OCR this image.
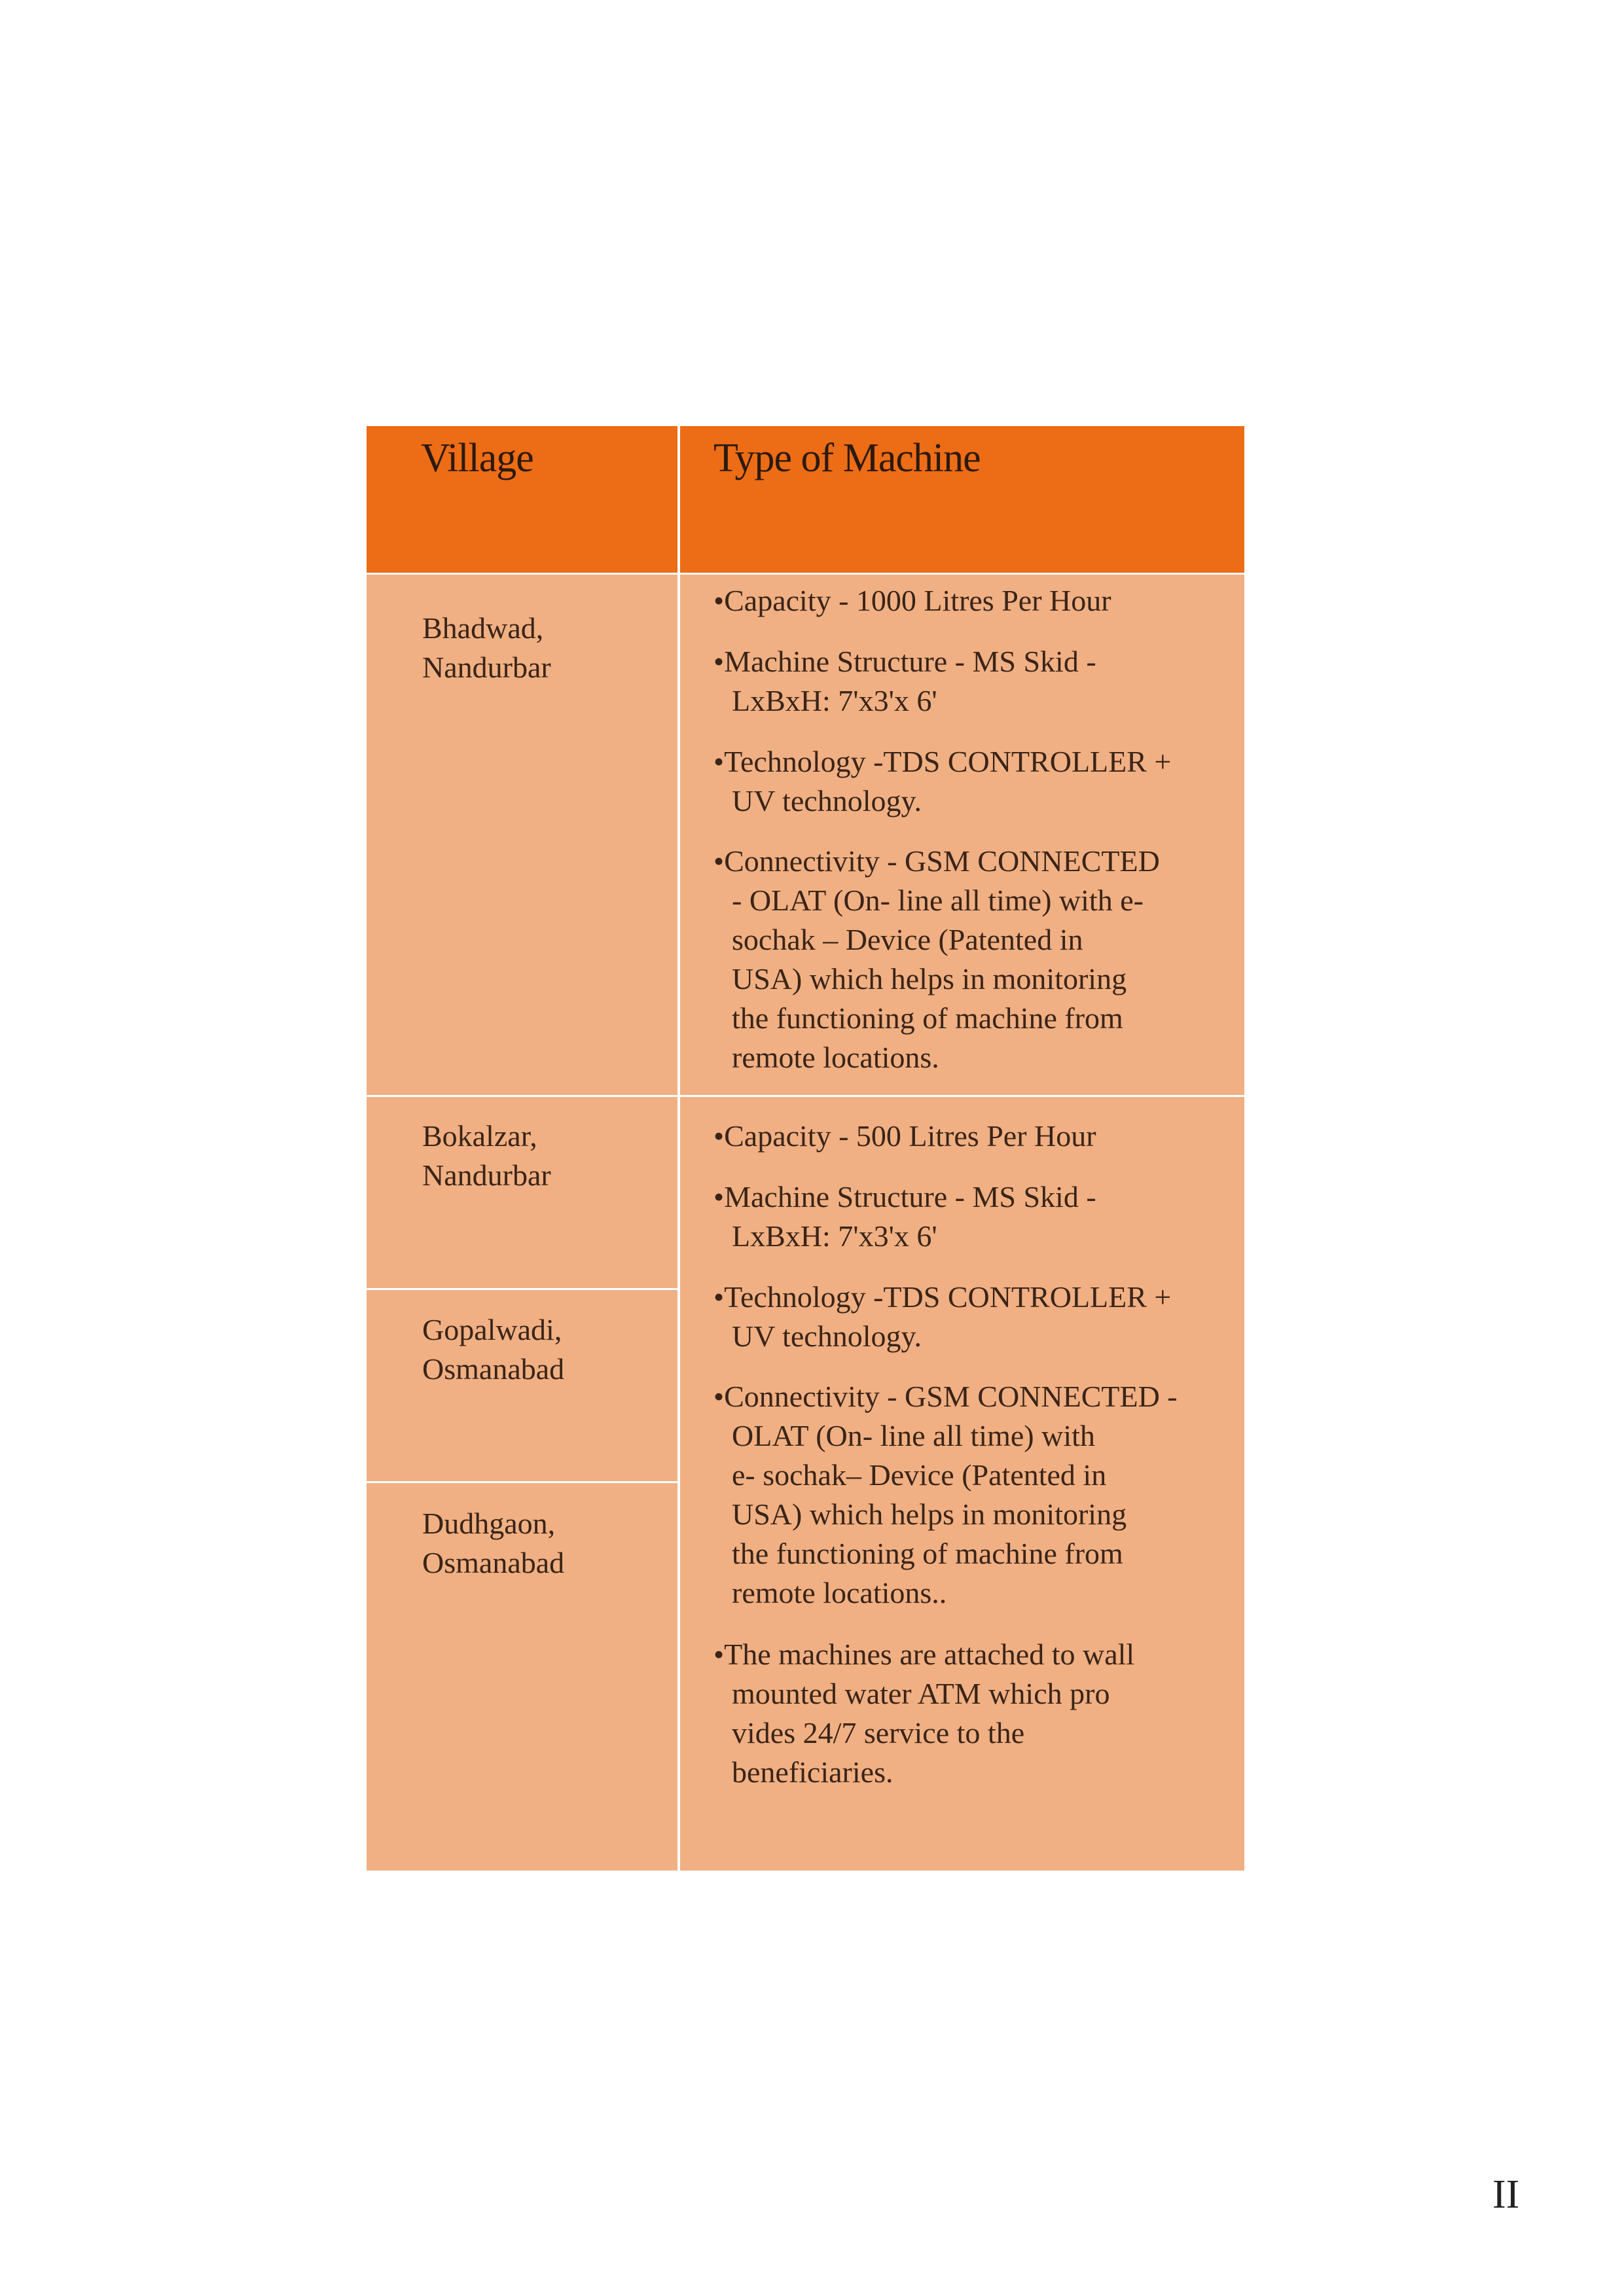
Village	Type of Machine
Bhadwad,
Nandurbar
Bokalzar,
Nandurbar
Gopalwadi,
Osmanabad
Dudhgaon,
Osmanabad
•Capacity - 1000 Litres Per Hour
•Machine Structure - MS Skid -
LxBxH: 7'x3'x 6'
•Technology -TDS CONTROLLER +
UV technology.
•Connectivity - GSM CONNECTED
- OLAT (On- line all time) with e-
sochak – Device (Patented in
USA) which helps in monitoring
the functioning of machine from
remote locations.
•Capacity - 500 Litres Per Hour
•Machine Structure - MS Skid -
LxBxH: 7'x3'x 6'
•Technology -TDS CONTROLLER +
UV technology.
•Connectivity - GSM CONNECTED -
OLAT (On- line all time) with
e- sochak– Device (Patented in
USA) which helps in monitoring
the functioning of machine from
remote locations..
•The machines are attached to wall
mounted water ATM which pro
vides 24/7 service to the
beneficiaries.
II
